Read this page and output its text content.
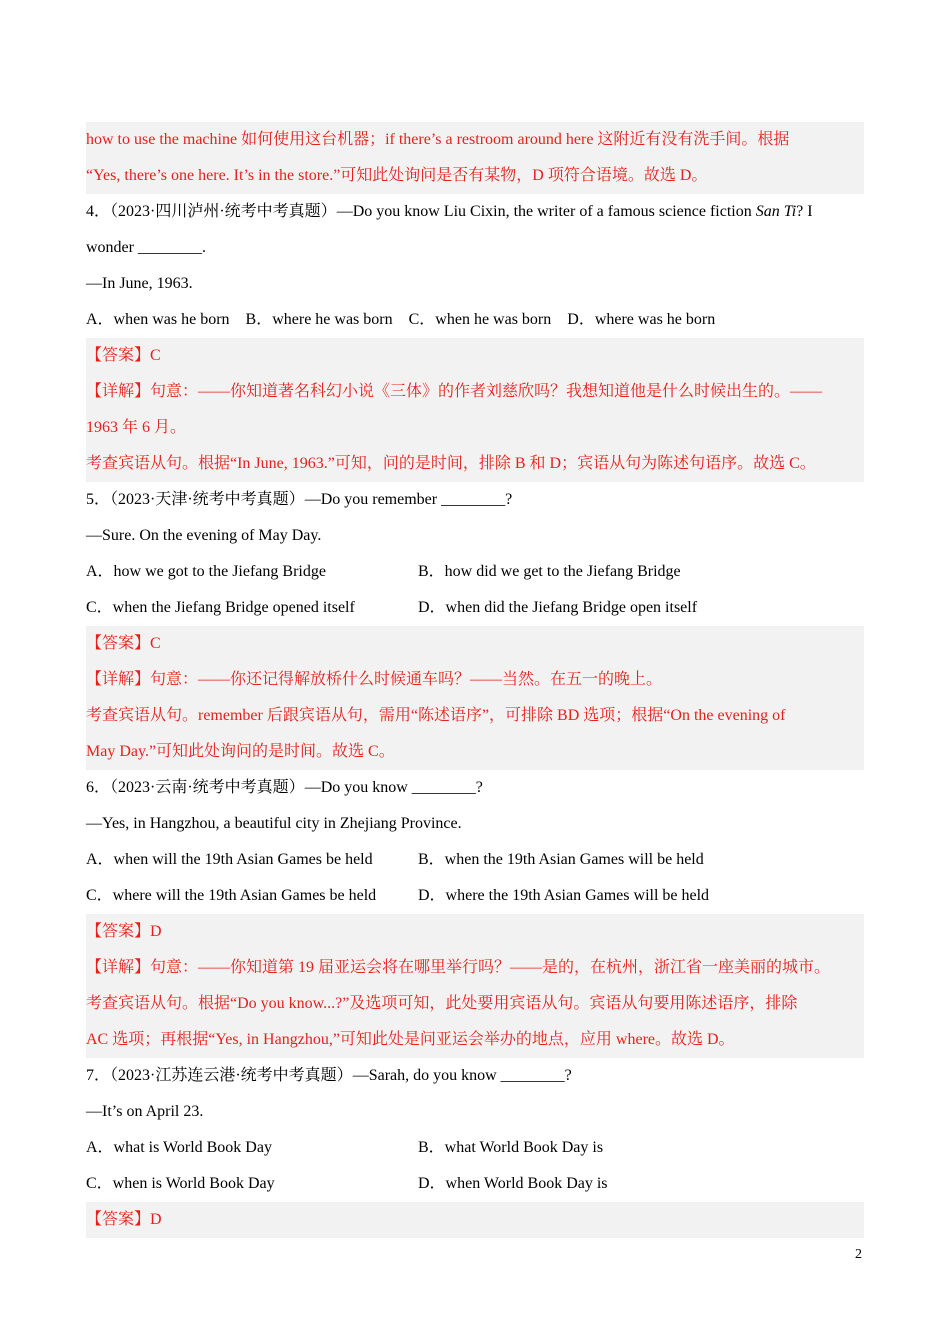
how to use the machine 如何使用这台机器；if there’s a restroom around here 这附近有没有洗手间。根据
“Yes, there’s one here. It’s in the store.”可知此处询问是否有某物，D 项符合语境。故选 D。
4．（2023·四川泸州·统考中考真题）—Do you know Liu Cixin, the writer of a famous science fiction San Ti? I
wonder ________.
—In June, 1963.
A．when was he born B．where he was born C．when he was born D．where was he born
【答案】C
【详解】句意：——你知道著名科幻小说《三体》的作者刘慈欣吗？我想知道他是什么时候出生的。——
1963 年 6 月。
考查宾语从句。根据“In June, 1963.”可知，问的是时间，排除 B 和 D；宾语从句为陈述句语序。故选 C。
5．（2023·天津·统考中考真题）—Do you remember ________?
—Sure. On the evening of May Day.
A．how we got to the Jiefang Bridge	B．how did we get to the Jiefang Bridge
C．when the Jiefang Bridge opened itself	D．when did the Jiefang Bridge open itself
【答案】C
【详解】句意：——你还记得解放桥什么时候通车吗？——当然。在五一的晚上。
考查宾语从句。remember 后跟宾语从句，需用“陈述语序”，可排除 BD 选项；根据“On the evening of
May Day.”可知此处询问的是时间。故选 C。
6．（2023·云南·统考中考真题）—Do you know ________?
—Yes, in Hangzhou, a beautiful city in Zhejiang Province.
A．when will the 19th Asian Games be held	B．when the 19th Asian Games will be held
C．where will the 19th Asian Games be held	D．where the 19th Asian Games will be held
【答案】D
【详解】句意：——你知道第 19 届亚运会将在哪里举行吗？——是的，在杭州，浙江省一座美丽的城市。
考查宾语从句。根据“Do you know...?”及选项可知，此处要用宾语从句。宾语从句要用陈述语序，排除
AC 选项；再根据“Yes, in Hangzhou,”可知此处是问亚运会举办的地点，应用 where。故选 D。
7．（2023·江苏连云港·统考中考真题）—Sarah, do you know ________?
—It’s on April 23.
A．what is World Book Day	B．what World Book Day is
C．when is World Book Day	D．when World Book Day is
【答案】D
2
